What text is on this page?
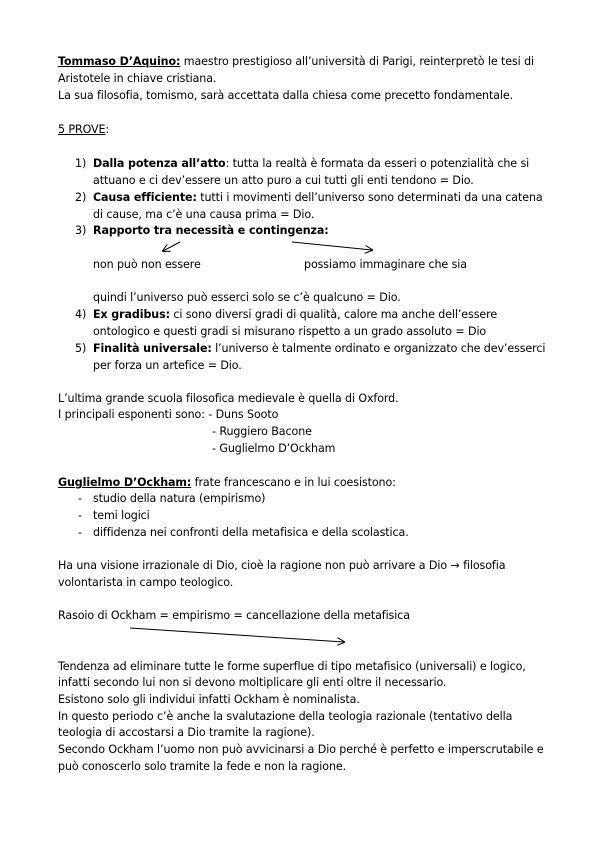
Tommaso D’Aquino: maestro prestigioso all’università di Parigi, reinterpretò le tesi di
Aristotele in chiave cristiana.
La sua filosofia, tomismo, sarà accettata dalla chiesa come precetto fondamentale.
5 PROVE:
1) Dalla potenza all’atto: tutta la realtà è formata da esseri o potenzialità che si
attuano e ci dev’essere un atto puro a cui tutti gli enti tendono = Dio.
2) Causa efficiente: tutti i movimenti dell’universo sono determinati da una catena
di cause, ma c’è una causa prima = Dio.
3) Rapporto tra necessità e contingenza:
non può non essere	possiamo immaginare che sia
quindi l’universo può esserci solo se c’è qualcuno = Dio.
4) Ex gradibus: ci sono diversi gradi di qualità, calore ma anche dell’essere
ontologico e questi gradi si misurano rispetto a un grado assoluto = Dio
5) Finalità universale: l’universo è talmente ordinato e organizzato che dev’esserci
per forza un artefice = Dio.
L’ultima grande scuola filosofica medievale è quella di Oxford.
I principali esponenti sono: - Duns Sooto
- Ruggiero Bacone
- Guglielmo D’Ockham
Guglielmo D’Ockham: frate francescano e in lui coesistono:
- studio della natura (empirismo)
- temi logici
- diffidenza nei confronti della metafisica e della scolastica.
Ha una visione irrazionale di Dio, cioè la ragione non può arrivare a Dio → filosofia
volontarista in campo teologico.
Rasoio di Ockham = empirismo = cancellazione della metafisica
Tendenza ad eliminare tutte le forme superflue di tipo metafisico (universali) e logico,
infatti secondo lui non si devono moltiplicare gli enti oltre il necessario.
Esistono solo gli individui infatti Ockham è nominalista.
In questo periodo c’è anche la svalutazione della teologia razionale (tentativo della
teologia di accostarsi a Dio tramite la ragione).
Secondo Ockham l’uomo non può avvicinarsi a Dio perché è perfetto e imperscrutabile e
può conoscerlo solo tramite la fede e non la ragione.
